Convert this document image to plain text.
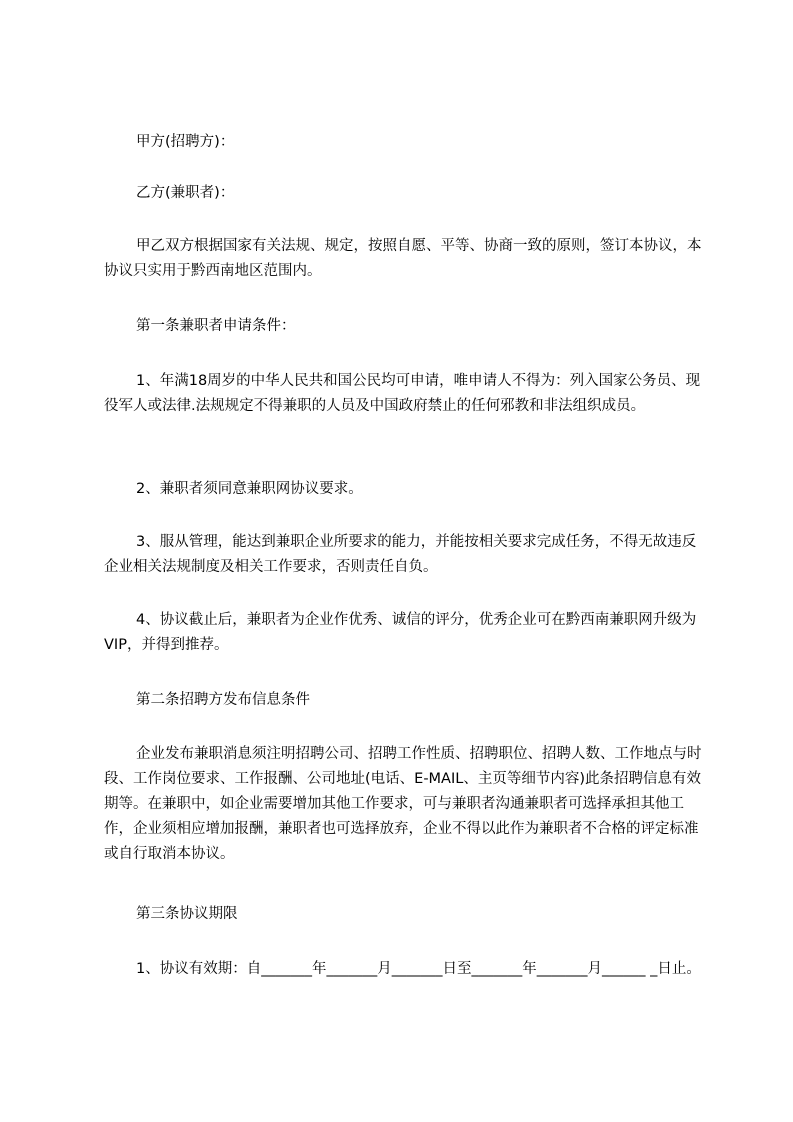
甲方(招聘方)：

乙方(兼职者)：

甲乙双方根据国家有关法规、规定，按照自愿、平等、协商一致的原则，签订本协议，本协议只实用于黔西南地区范围内。

第一条兼职者申请条件：

1、年满18周岁的中华人民共和国公民均可申请，唯申请人不得为：列入国家公务员、现役军人或法律.法规规定不得兼职的人员及中国政府禁止的任何邪教和非法组织成员。

2、兼职者须同意兼职网协议要求。

3、服从管理，能达到兼职企业所要求的能力，并能按相关要求完成任务，不得无故违反企业相关法规制度及相关工作要求，否则责任自负。

4、协议截止后，兼职者为企业作优秀、诚信的评分，优秀企业可在黔西南兼职网升级为VIP，并得到推荐。

第二条招聘方发布信息条件

企业发布兼职消息须注明招聘公司、招聘工作性质、招聘职位、招聘人数、工作地点与时段、工作岗位要求、工作报酬、公司地址(电话、E-MAIL、主页等细节内容)此条招聘信息有效期等。在兼职中，如企业需要增加其他工作要求，可与兼职者沟通兼职者可选择承担其他工作，企业须相应增加报酬，兼职者也可选择放弃，企业不得以此作为兼职者不合格的评定标准或自行取消本协议。

第三条协议期限

1、协议有效期：自_______年_______月_______日至_______年_______月______ _日止。
